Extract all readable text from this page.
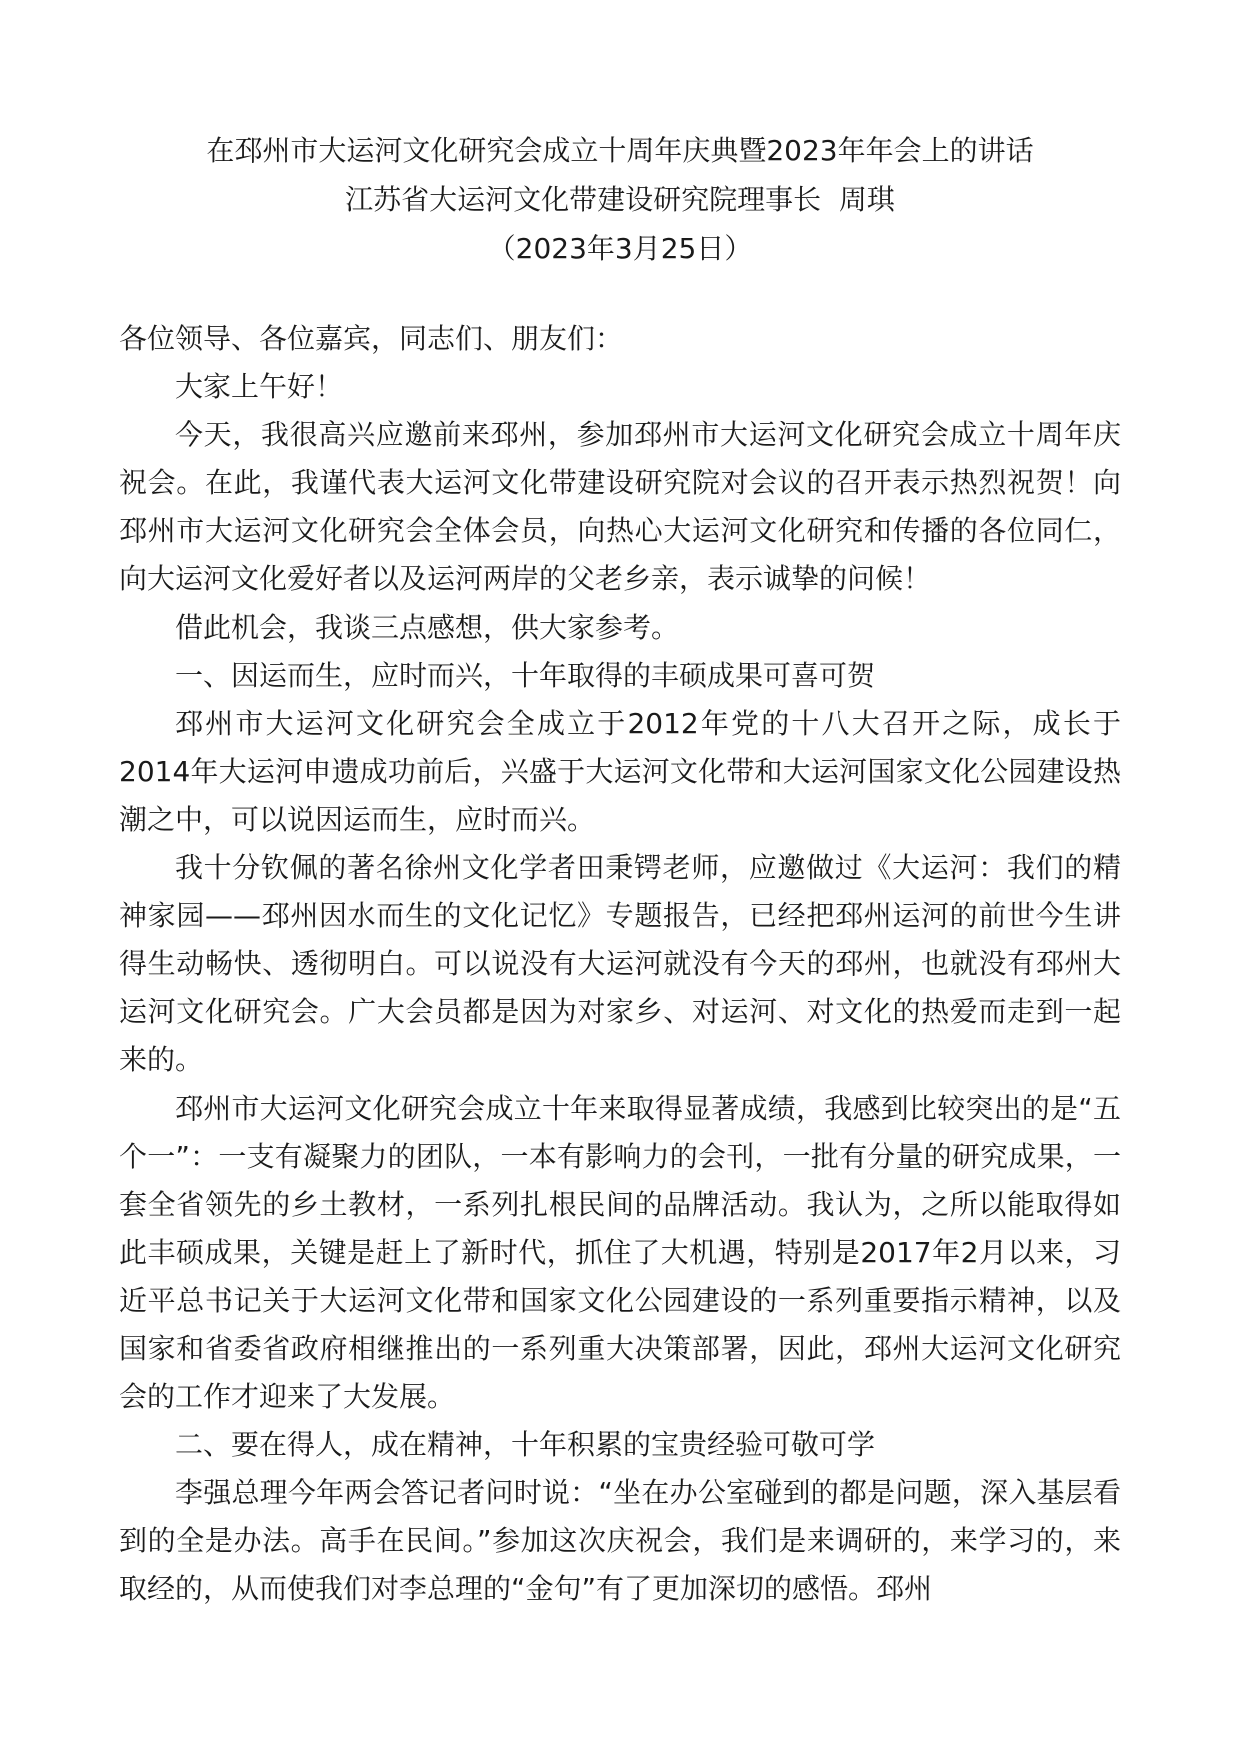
在邳州市大运河文化研究会成立十周年庆典暨2023年年会上的讲话
江苏省大运河文化带建设研究院理事长  周琪
（2023年3月25日）

各位领导、各位嘉宾，同志们、朋友们：

大家上午好！

今天，我很高兴应邀前来邳州，参加邳州市大运河文化研究会成立十周年庆祝会。在此，我谨代表大运河文化带建设研究院对会议的召开表示热烈祝贺！向邳州市大运河文化研究会全体会员，向热心大运河文化研究和传播的各位同仁，向大运河文化爱好者以及运河两岸的父老乡亲，表示诚挚的问候！

借此机会，我谈三点感想，供大家参考。

一、因运而生，应时而兴，十年取得的丰硕成果可喜可贺

邳州市大运河文化研究会全成立于2012年党的十八大召开之际，成长于2014年大运河申遗成功前后，兴盛于大运河文化带和大运河国家文化公园建设热潮之中，可以说因运而生，应时而兴。

我十分钦佩的著名徐州文化学者田秉锷老师，应邀做过《大运河：我们的精神家园——邳州因水而生的文化记忆》专题报告，已经把邳州运河的前世今生讲得生动畅快、透彻明白。可以说没有大运河就没有今天的邳州，也就没有邳州大运河文化研究会。广大会员都是因为对家乡、对运河、对文化的热爱而走到一起来的。

邳州市大运河文化研究会成立十年来取得显著成绩，我感到比较突出的是“五个一”：一支有凝聚力的团队，一本有影响力的会刊，一批有分量的研究成果，一套全省领先的乡土教材，一系列扎根民间的品牌活动。我认为，之所以能取得如此丰硕成果，关键是赶上了新时代，抓住了大机遇，特别是2017年2月以来，习近平总书记关于大运河文化带和国家文化公园建设的一系列重要指示精神，以及国家和省委省政府相继推出的一系列重大决策部署，因此，邳州大运河文化研究会的工作才迎来了大发展。

二、要在得人，成在精神，十年积累的宝贵经验可敬可学

李强总理今年两会答记者问时说：“坐在办公室碰到的都是问题，深入基层看到的全是办法。高手在民间。”参加这次庆祝会，我们是来调研的，来学习的，来取经的，从而使我们对李总理的“金句”有了更加深切的感悟。邳州
